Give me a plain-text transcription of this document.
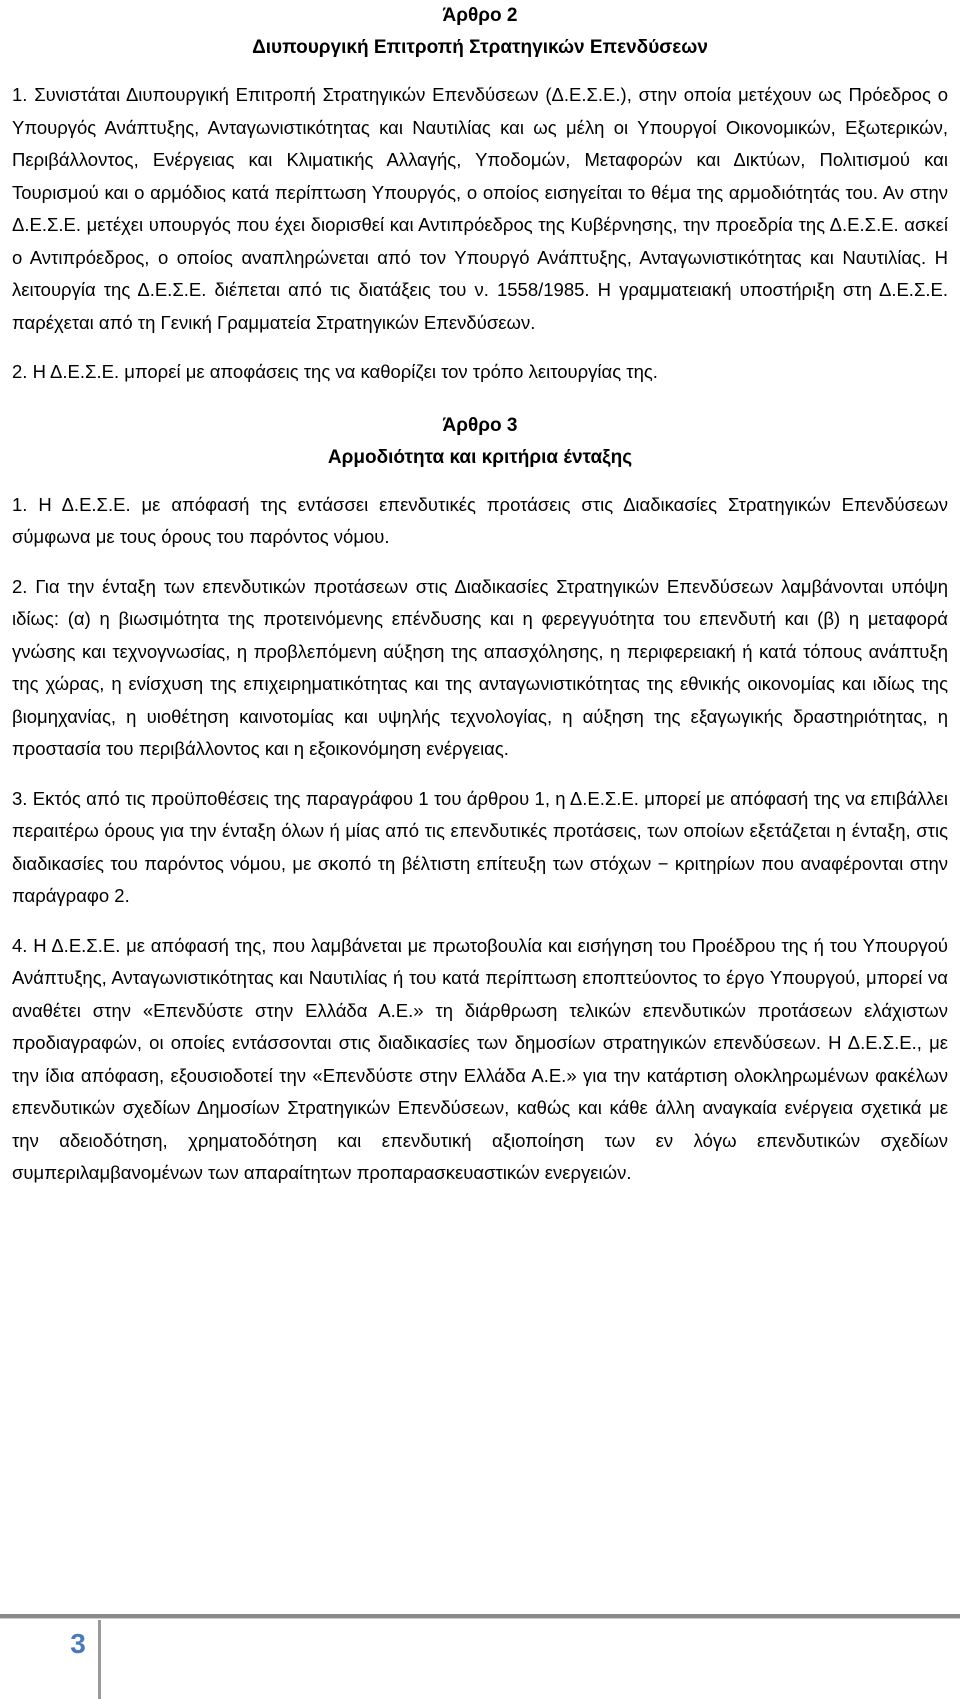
Άρθρο 2
Διυπουργική Επιτροπή Στρατηγικών Επενδύσεων

1. Συνιστάται Διυπουργική Επιτροπή Στρατηγικών Επενδύσεων (Δ.Ε.Σ.Ε.), στην οποία μετέχουν ως Πρόεδρος ο Υπουργός Ανάπτυξης, Ανταγωνιστικότητας και Ναυτιλίας και ως μέλη οι Υπουργοί Οικονομικών, Εξωτερικών, Περιβάλλοντος, Ενέργειας και Κλιματικής Αλλαγής, Υποδομών, Μεταφορών και Δικτύων, Πολιτισμού και Τουρισμού και ο αρμόδιος κατά περίπτωση Υπουργός, ο οποίος εισηγείται το θέμα της αρμοδιότητάς του. Αν στην Δ.Ε.Σ.Ε. μετέχει υπουργός που έχει διορισθεί και Αντιπρόεδρος της Κυβέρνησης, την προεδρία της Δ.Ε.Σ.Ε. ασκεί ο Αντιπρόεδρος, ο οποίος αναπληρώνεται από τον Υπουργό Ανάπτυξης, Ανταγωνιστικότητας και Ναυτιλίας. Η λειτουργία της Δ.Ε.Σ.Ε. διέπεται από τις διατάξεις του ν. 1558/1985. Η γραμματειακή υποστήριξη στη Δ.Ε.Σ.Ε. παρέχεται από τη Γενική Γραμματεία Στρατηγικών Επενδύσεων.

2. Η Δ.Ε.Σ.Ε. μπορεί με αποφάσεις της να καθορίζει τον τρόπο λειτουργίας της.

Άρθρο 3
Αρμοδιότητα και κριτήρια ένταξης

1. Η Δ.Ε.Σ.Ε. με απόφασή της εντάσσει επενδυτικές προτάσεις στις Διαδικασίες Στρατηγικών Επενδύσεων σύμφωνα με τους όρους του παρόντος νόμου.

2. Για την ένταξη των επενδυτικών προτάσεων στις Διαδικασίες Στρατηγικών Επενδύσεων λαμβάνονται υπόψη ιδίως: (α) η βιωσιμότητα της προτεινόμενης επένδυσης και η φερεγγυότητα του επενδυτή και (β) η μεταφορά γνώσης και τεχνογνωσίας, η προβλεπόμενη αύξηση της απασχόλησης, η περιφερειακή ή κατά τόπους ανάπτυξη της χώρας, η ενίσχυση της επιχειρηματικότητας και της ανταγωνιστικότητας της εθνικής οικονομίας και ιδίως της βιομηχανίας, η υιοθέτηση καινοτομίας και υψηλής τεχνολογίας, η αύξηση της εξαγωγικής δραστηριότητας, η προστασία του περιβάλλοντος και η εξοικονόμηση ενέργειας.

3. Εκτός από τις προϋποθέσεις της παραγράφου 1 του άρθρου 1, η Δ.Ε.Σ.Ε. μπορεί με απόφασή της να επιβάλλει περαιτέρω όρους για την ένταξη όλων ή μίας από τις επενδυτικές προτάσεις, των οποίων εξετάζεται η ένταξη, στις διαδικασίες του παρόντος νόμου, με σκοπό τη βέλτιστη επίτευξη των στόχων − κριτηρίων που αναφέρονται στην παράγραφο 2.

4. Η Δ.Ε.Σ.Ε. με απόφασή της, που λαμβάνεται με πρωτοβουλία και εισήγηση του Προέδρου της ή του Υπουργού Ανάπτυξης, Ανταγωνιστικότητας και Ναυτιλίας ή του κατά περίπτωση εποπτεύοντος το έργο Υπουργού, μπορεί να αναθέτει στην «Επενδύστε στην Ελλάδα Α.Ε.» τη διάρθρωση τελικών επενδυτικών προτάσεων ελάχιστων προδιαγραφών, οι οποίες εντάσσονται στις διαδικασίες των δημοσίων στρατηγικών επενδύσεων. Η Δ.Ε.Σ.Ε., με την ίδια απόφαση, εξουσιοδοτεί την «Επενδύστε στην Ελλάδα Α.Ε.» για την κατάρτιση ολοκληρωμένων φακέλων επενδυτικών σχεδίων Δημοσίων Στρατηγικών Επενδύσεων, καθώς και κάθε άλλη αναγκαία ενέργεια σχετικά με την αδειοδότηση, χρηματοδότηση και επενδυτική αξιοποίηση των εν λόγω επενδυτικών σχεδίων συμπεριλαμβανομένων των απαραίτητων προπαρασκευαστικών ενεργειών.

3
